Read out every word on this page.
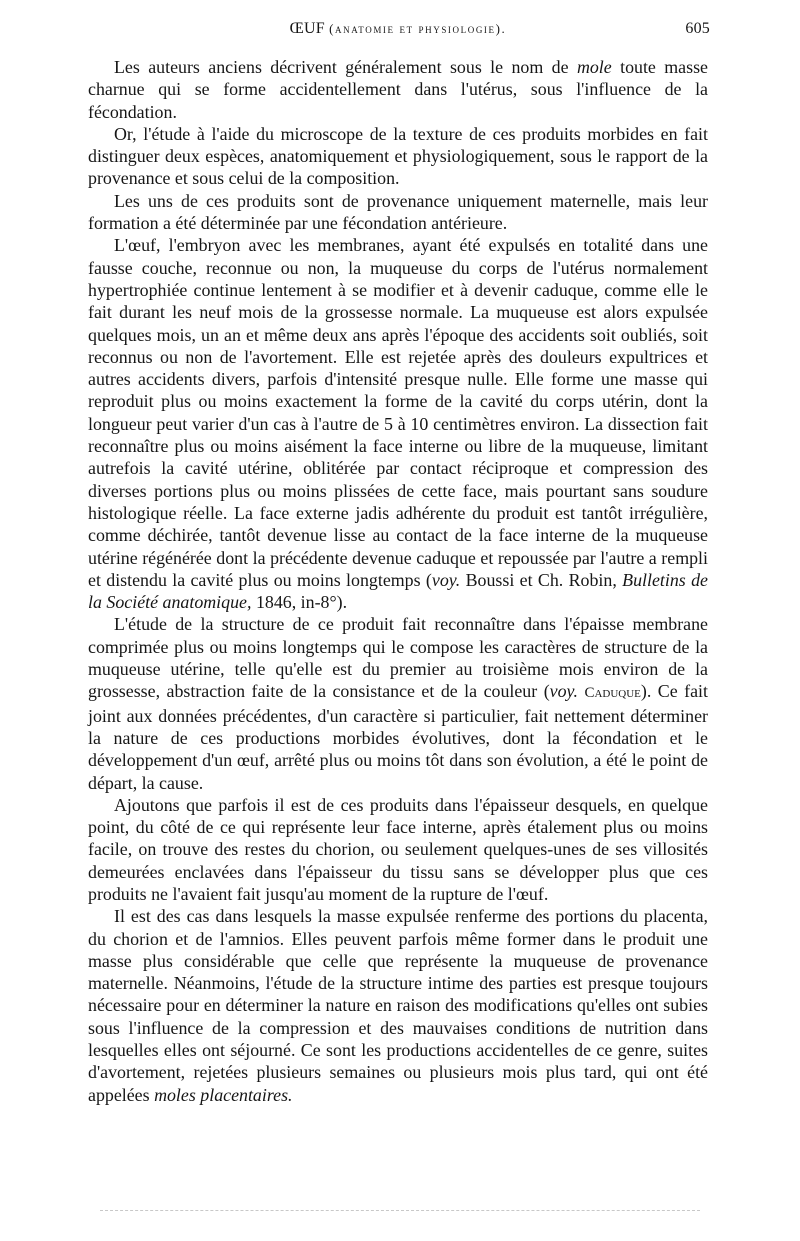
ŒUF (anatomie et physiologie).	605

Les auteurs anciens décrivent généralement sous le nom de mole toute masse charnue qui se forme accidentellement dans l'utérus, sous l'influence de la fécondation.

Or, l'étude à l'aide du microscope de la texture de ces produits morbides en fait distinguer deux espèces, anatomiquement et physiologiquement, sous le rapport de la provenance et sous celui de la composition.

Les uns de ces produits sont de provenance uniquement maternelle, mais leur formation a été déterminée par une fécondation antérieure.

L'œuf, l'embryon avec les membranes, ayant été expulsés en totalité dans une fausse couche, reconnue ou non, la muqueuse du corps de l'utérus normalement hypertrophiée continue lentement à se modifier et à devenir caduque, comme elle le fait durant les neuf mois de la grossesse normale. La muqueuse est alors expulsée quelques mois, un an et même deux ans après l'époque des accidents soit oubliés, soit reconnus ou non de l'avortement. Elle est rejetée après des douleurs expultrices et autres accidents divers, parfois d'intensité presque nulle. Elle forme une masse qui reproduit plus ou moins exactement la forme de la cavité du corps utérin, dont la longueur peut varier d'un cas à l'autre de 5 à 10 centimètres environ. La dissection fait reconnaître plus ou moins aisément la face interne ou libre de la muqueuse, limitant autrefois la cavité utérine, oblitérée par contact réciproque et compression des diverses portions plus ou moins plissées de cette face, mais pourtant sans soudure histologique réelle. La face externe jadis adhérente du produit est tantôt irrégulière, comme déchirée, tantôt devenue lisse au contact de la face interne de la muqueuse utérine régénérée dont la précédente devenue caduque et repoussée par l'autre a rempli et distendu la cavité plus ou moins longtemps (voy. Boussi et Ch. Robin, Bulletins de la Société anatomique, 1846, in-8°).

L'étude de la structure de ce produit fait reconnaître dans l'épaisse membrane comprimée plus ou moins longtemps qui le compose les caractères de structure de la muqueuse utérine, telle qu'elle est du premier au troisième mois environ de la grossesse, abstraction faite de la consistance et de la couleur (voy. Caduque). Ce fait joint aux données précédentes, d'un caractère si particulier, fait nettement déterminer la nature de ces productions morbides évolutives, dont la fécondation et le développement d'un œuf, arrêté plus ou moins tôt dans son évolution, a été le point de départ, la cause.

Ajoutons que parfois il est de ces produits dans l'épaisseur desquels, en quelque point, du côté de ce qui représente leur face interne, après étalement plus ou moins facile, on trouve des restes du chorion, ou seulement quelques-unes de ses villosités demeurées enclavées dans l'épaisseur du tissu sans se développer plus que ces produits ne l'avaient fait jusqu'au moment de la rupture de l'œuf.

Il est des cas dans lesquels la masse expulsée renferme des portions du placenta, du chorion et de l'amnios. Elles peuvent parfois même former dans le produit une masse plus considérable que celle que représente la muqueuse de provenance maternelle. Néanmoins, l'étude de la structure intime des parties est presque toujours nécessaire pour en déterminer la nature en raison des modifications qu'elles ont subies sous l'influence de la compression et des mauvaises conditions de nutrition dans lesquelles elles ont séjourné. Ce sont les productions accidentelles de ce genre, suites d'avortement, rejetées plusieurs semaines ou plusieurs mois plus tard, qui ont été appelées moles placentaires.
